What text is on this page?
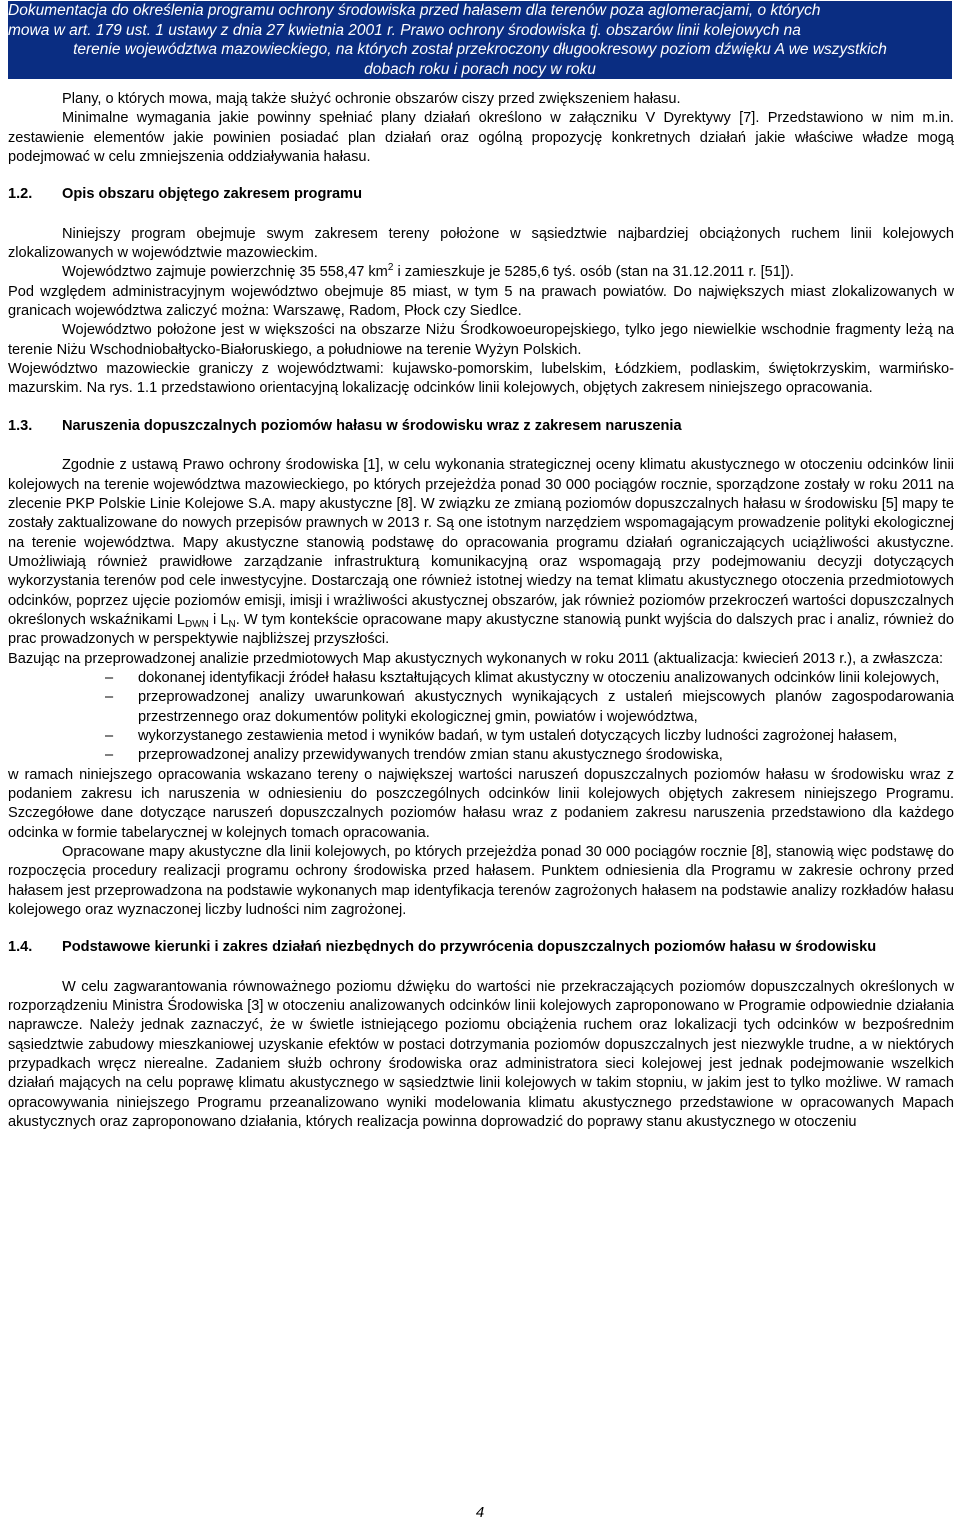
Dokumentacja do określenia programu ochrony środowiska przed hałasem dla terenów poza aglomeracjami, o których
mowa w art. 179 ust. 1 ustawy z dnia 27 kwietnia 2001 r. Prawo ochrony środowiska tj. obszarów linii kolejowych na
terenie województwa mazowieckiego, na których został przekroczony długookresowy poziom dźwięku A we wszystkich
dobach roku i porach nocy w roku

Plany, o których mowa, mają także służyć ochronie obszarów ciszy przed zwiększeniem hałasu.

Minimalne wymagania jakie powinny spełniać plany działań określono w załączniku V Dyrektywy [7]. Przedstawiono w nim m.in. zestawienie elementów jakie powinien posiadać plan działań oraz ogólną propozycję konkretnych działań jakie właściwe władze mogą podejmować w celu zmniejszenia oddziaływania hałasu.

1.2.	Opis obszaru objętego zakresem programu

Niniejszy program obejmuje swym zakresem tereny położone w sąsiedztwie najbardziej obciążonych ruchem linii kolejowych zlokalizowanych w województwie mazowieckim.

Województwo zajmuje powierzchnię 35 558,47 $km^2$ i zamieszkuje je 5285,6 tyś. osób (stan na 31.12.2011 r. [51]).

Pod względem administracyjnym województwo obejmuje 85 miast, w tym 5 na prawach powiatów. Do największych miast zlokalizowanych w granicach województwa zaliczyć można: Warszawę, Radom, Płock czy Siedlce.

Województwo położone jest w większości na obszarze Niżu Środkowoeuropejskiego, tylko jego niewielkie wschodnie fragmenty leżą na terenie Niżu Wschodniobałtycko-Białoruskiego, a południowe na terenie Wyżyn Polskich.

Województwo mazowieckie graniczy z województwami: kujawsko-pomorskim, lubelskim, Łódzkiem, podlaskim, świętokrzyskim, warmińsko-mazurskim. Na rys. 1.1 przedstawiono orientacyjną lokalizację odcinków linii kolejowych, objętych zakresem niniejszego opracowania.

1.3.	Naruszenia dopuszczalnych poziomów hałasu w środowisku wraz z zakresem naruszenia

Zgodnie z ustawą Prawo ochrony środowiska [1], w celu wykonania strategicznej oceny klimatu akustycznego w otoczeniu odcinków linii kolejowych na terenie województwa mazowieckiego, po których przejeżdża ponad 30 000 pociągów rocznie, sporządzone zostały w roku 2011 na zlecenie PKP Polskie Linie Kolejowe S.A. mapy akustyczne [8]. W związku ze zmianą poziomów dopuszczalnych hałasu w środowisku [5] mapy te zostały zaktualizowane do nowych przepisów prawnych w 2013 r. Są one istotnym narzędziem wspomagającym prowadzenie polityki ekologicznej na terenie województwa. Mapy akustyczne stanowią podstawę do opracowania programu działań ograniczających uciążliwości akustyczne. Umożliwiają również prawidłowe zarządzanie infrastrukturą komunikacyjną oraz wspomagają przy podejmowaniu decyzji dotyczących wykorzystania terenów pod cele inwestycyjne. Dostarczają one również istotnej wiedzy na temat klimatu akustycznego otoczenia przedmiotowych odcinków, poprzez ujęcie poziomów emisji, imisji i wrażliwości akustycznej obszarów, jak również poziomów przekroczeń wartości dopuszczalnych określonych wskaźnikami $L_{DWN}$ i $L_N$. W tym kontekście opracowane mapy akustyczne stanowią punkt wyjścia do dalszych prac i analiz, również do prac prowadzonych w perspektywie najbliższej przyszłości.

Bazując na przeprowadzonej analizie przedmiotowych Map akustycznych wykonanych w roku 2011 (aktualizacja: kwiecień 2013 r.), a zwłaszcza:

– dokonanej identyfikacji źródeł hałasu kształtujących klimat akustyczny w otoczeniu analizowanych odcinków linii kolejowych,
– przeprowadzonej analizy uwarunkowań akustycznych wynikających z ustaleń miejscowych planów zagospodarowania przestrzennego oraz dokumentów polityki ekologicznej gmin, powiatów i województwa,
– wykorzystanego zestawienia metod i wyników badań, w tym ustaleń dotyczących liczby ludności zagrożonej hałasem,
– przeprowadzonej analizy przewidywanych trendów zmian stanu akustycznego środowiska,

w ramach niniejszego opracowania wskazano tereny o największej wartości naruszeń dopuszczalnych poziomów hałasu w środowisku wraz z podaniem zakresu ich naruszenia w odniesieniu do poszczególnych odcinków linii kolejowych objętych zakresem niniejszego Programu. Szczegółowe dane dotyczące naruszeń dopuszczalnych poziomów hałasu wraz z podaniem zakresu naruszenia przedstawiono dla każdego odcinka w formie tabelarycznej w kolejnych tomach opracowania.

Opracowane mapy akustyczne dla linii kolejowych, po których przejeżdża ponad 30 000 pociągów rocznie [8], stanowią więc podstawę do rozpoczęcia procedury realizacji programu ochrony środowiska przed hałasem. Punktem odniesienia dla Programu w zakresie ochrony przed hałasem jest przeprowadzona na podstawie wykonanych map identyfikacja terenów zagrożonych hałasem na podstawie analizy rozkładów hałasu kolejowego oraz wyznaczonej liczby ludności nim zagrożonej.

1.4.	Podstawowe kierunki i zakres działań niezbędnych do przywrócenia dopuszczalnych poziomów hałasu w środowisku

W celu zagwarantowania równoważnego poziomu dźwięku do wartości nie przekraczających poziomów dopuszczalnych określonych w rozporządzeniu Ministra Środowiska [3] w otoczeniu analizowanych odcinków linii kolejowych zaproponowano w Programie odpowiednie działania naprawcze. Należy jednak zaznaczyć, że w świetle istniejącego poziomu obciążenia ruchem oraz lokalizacji tych odcinków w bezpośrednim sąsiedztwie zabudowy mieszkaniowej uzyskanie efektów w postaci dotrzymania poziomów dopuszczalnych jest niezwykle trudne, a w niektórych przypadkach wręcz nierealne. Zadaniem służb ochrony środowiska oraz administratora sieci kolejowej jest jednak podejmowanie wszelkich działań mających na celu poprawę klimatu akustycznego w sąsiedztwie linii kolejowych w takim stopniu, w jakim jest to tylko możliwe. W ramach opracowywania niniejszego Programu przeanalizowano wyniki modelowania klimatu akustycznego przedstawione w opracowanych Mapach akustycznych oraz zaproponowano działania, których realizacja powinna doprowadzić do poprawy stanu akustycznego w otoczeniu

4
